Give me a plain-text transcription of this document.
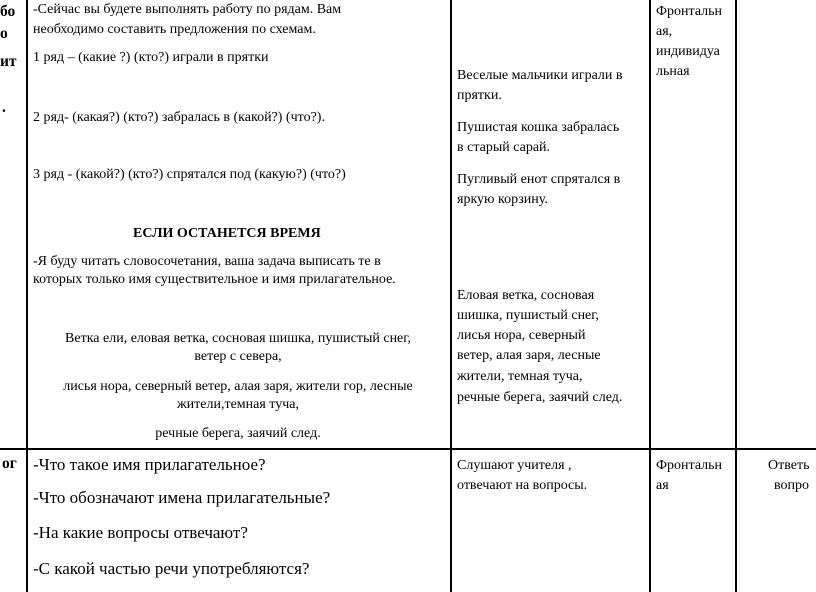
бо

о

ит

.

-Сейчас вы будете выполнять работу по рядам. Вам

необходимо составить предложения по схемам.

1 ряд – (какие ?) (кто?) играли в прятки

2 ряд- (какая?) (кто?) забралась в (какой?) (что?).

3 ряд - (какой?) (кто?) спрятался под (какую?) (что?)

ЕСЛИ ОСТАНЕТСЯ ВРЕМЯ

-Я буду читать словосочетания, ваша задача выписать те в

которых только имя существительное и имя прилагательное.

Ветка ели, еловая ветка, сосновая шишка, пушистый снег,

ветер с севера,

лисья нора, северный ветер, алая заря, жители гор, лесные

жители,темная туча,

речные берега, заячий след.

Веселые мальчики играли в

прятки.

Пушистая кошка забралась

в старый сарай.

Пугливый енот спрятался в

яркую корзину.

Еловая ветка, сосновая

шишка, пушистый снег,

лисья нора, северный

ветер, алая заря, лесные

жители, темная туча,

речные берега, заячий след.

Фронтальн

ая,

индивидуа

льная

ог -Что такое имя прилагательное?

-Что обозначают имена прилагательные?

-На какие вопросы отвечают?

-С какой частью речи употребляются?

Слушают учителя ,

отвечают на вопросы.

Фронтальн

ая

Ответь

вопро
